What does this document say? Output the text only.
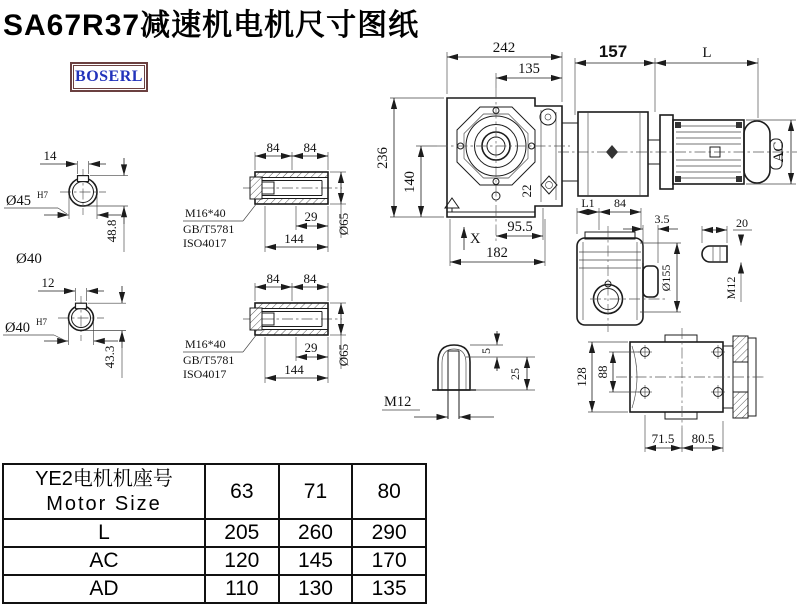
SA67R37减速机电机尺寸图纸
BOSERL
14
Ø45 H7
48.8
Ø40
12
Ø40 H7
43.3
84 84
29
144
Ø65
M16*40
GB/T5781
ISO4017
84 84
29
144
Ø65
M16*40
GB/T5781
ISO4017
22
242
135
236
140
X
95.5
182
157	L
AC
L1 84
3.5
Ø155
20
M12
5
25
M12
128 88
71.5 80.5
YE2电机机座号
Motor Size	63	71	80
L	205	260	290
AC	120	145	170
AD	110	130	135
